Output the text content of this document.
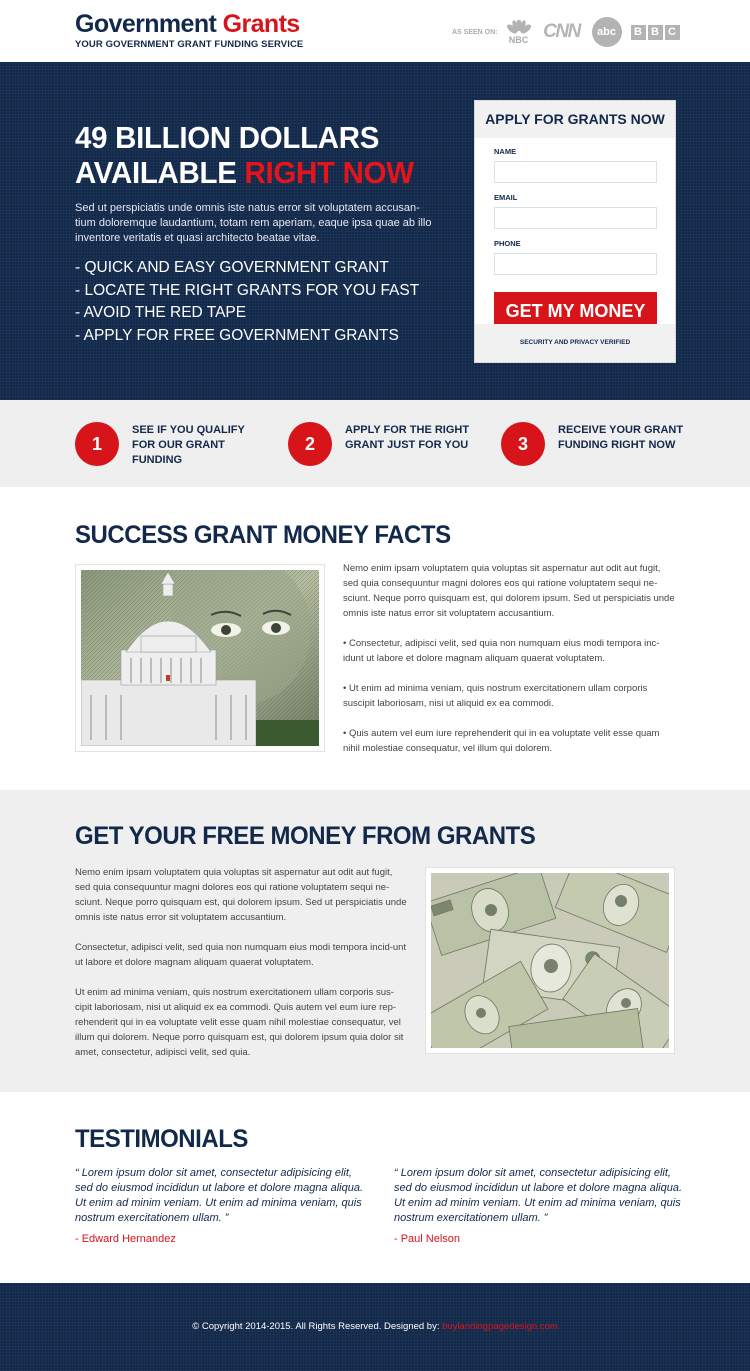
Government Grants
YOUR GOVERNMENT GRANT FUNDING SERVICE
AS SEEN ON:
NBC CNN	abc	B B C
49 BILLION DOLLARS
AVAILABLE RIGHT NOW

Sed ut perspiciatis unde omnis iste natus error sit voluptatem accusan-tium doloremque laudantium, totam rem aperiam, eaque ipsa quae ab illo inventore veritatis et quasi architecto beatae vitae.

- QUICK AND EASY GOVERNMENT GRANT
- LOCATE THE RIGHT GRANTS FOR YOU FAST
- AVOID THE RED TAPE
- APPLY FOR FREE GOVERNMENT GRANTS
APPLY FOR GRANTS NOW
NAME
EMAIL
PHONE
GET MY MONEY
SECURITY AND PRIVACY VERIFIED
1
SEE IF YOU QUALIFY FOR OUR GRANT FUNDING
2
APPLY FOR THE RIGHT GRANT JUST FOR YOU	3
RECEIVE YOUR GRANT FUNDING RIGHT NOW
SUCCESS GRANT MONEY FACTS

Nemo enim ipsam voluptatem quia voluptas sit aspernatur aut odit aut fugit, sed quia consequuntur magni dolores eos qui ratione voluptatem sequi ne-sciunt. Neque porro quisquam est, qui dolorem ipsum. Sed ut perspiciatis unde omnis iste natus error sit voluptatem accusantium.

• Consectetur, adipisci velit, sed quia non numquam eius modi tempora inc-idunt ut labore et dolore magnam aliquam quaerat voluptatem.

• Ut enim ad minima veniam, quis nostrum exercitationem ullam corporis suscipit laboriosam, nisi ut aliquid ex ea commodi.

• Quis autem vel eum iure reprehenderit qui in ea voluptate velit esse quam nihil molestiae consequatur, vel illum qui dolorem.

GET YOUR FREE MONEY FROM GRANTS

Nemo enim ipsam voluptatem quia voluptas sit aspernatur aut odit aut fugit, sed quia consequuntur magni dolores eos qui ratione voluptatem sequi ne-sciunt. Neque porro quisquam est, qui dolorem ipsum. Sed ut perspiciatis unde omnis iste natus error sit voluptatem accusantium.

Consectetur, adipisci velit, sed quia non numquam eius modi tempora incid-unt ut labore et dolore magnam aliquam quaerat voluptatem.

Ut enim ad minima veniam, quis nostrum exercitationem ullam corporis sus-cipit laboriosam, nisi ut aliquid ex ea commodi. Quis autem vel eum iure rep-rehenderit qui in ea voluptate velit esse quam nihil molestiae consequatur, vel illum qui dolorem. Neque porro quisquam est, qui dolorem ipsum quia dolor sit amet, consectetur, adipisci velit, sed quia.

TESTIMONIALS

“ Lorem ipsum dolor sit amet, consectetur adipisicing elit, sed do eiusmod incididun ut labore et dolore magna aliqua. Ut enim ad minim veniam. Ut enim ad minima veniam, quis nostrum exercitationem ullam. ”

- Edward Hernandez

“ Lorem ipsum dolor sit amet, consectetur adipisicing elit, sed do eiusmod incididun ut labore et dolore magna aliqua. Ut enim ad minim veniam. Ut enim ad minima veniam, quis nostrum exercitationem ullam. ”

- Paul Nelson

© Copyright 2014-2015. All Rights Reserved. Designed by: buylandingpagedesign.com
